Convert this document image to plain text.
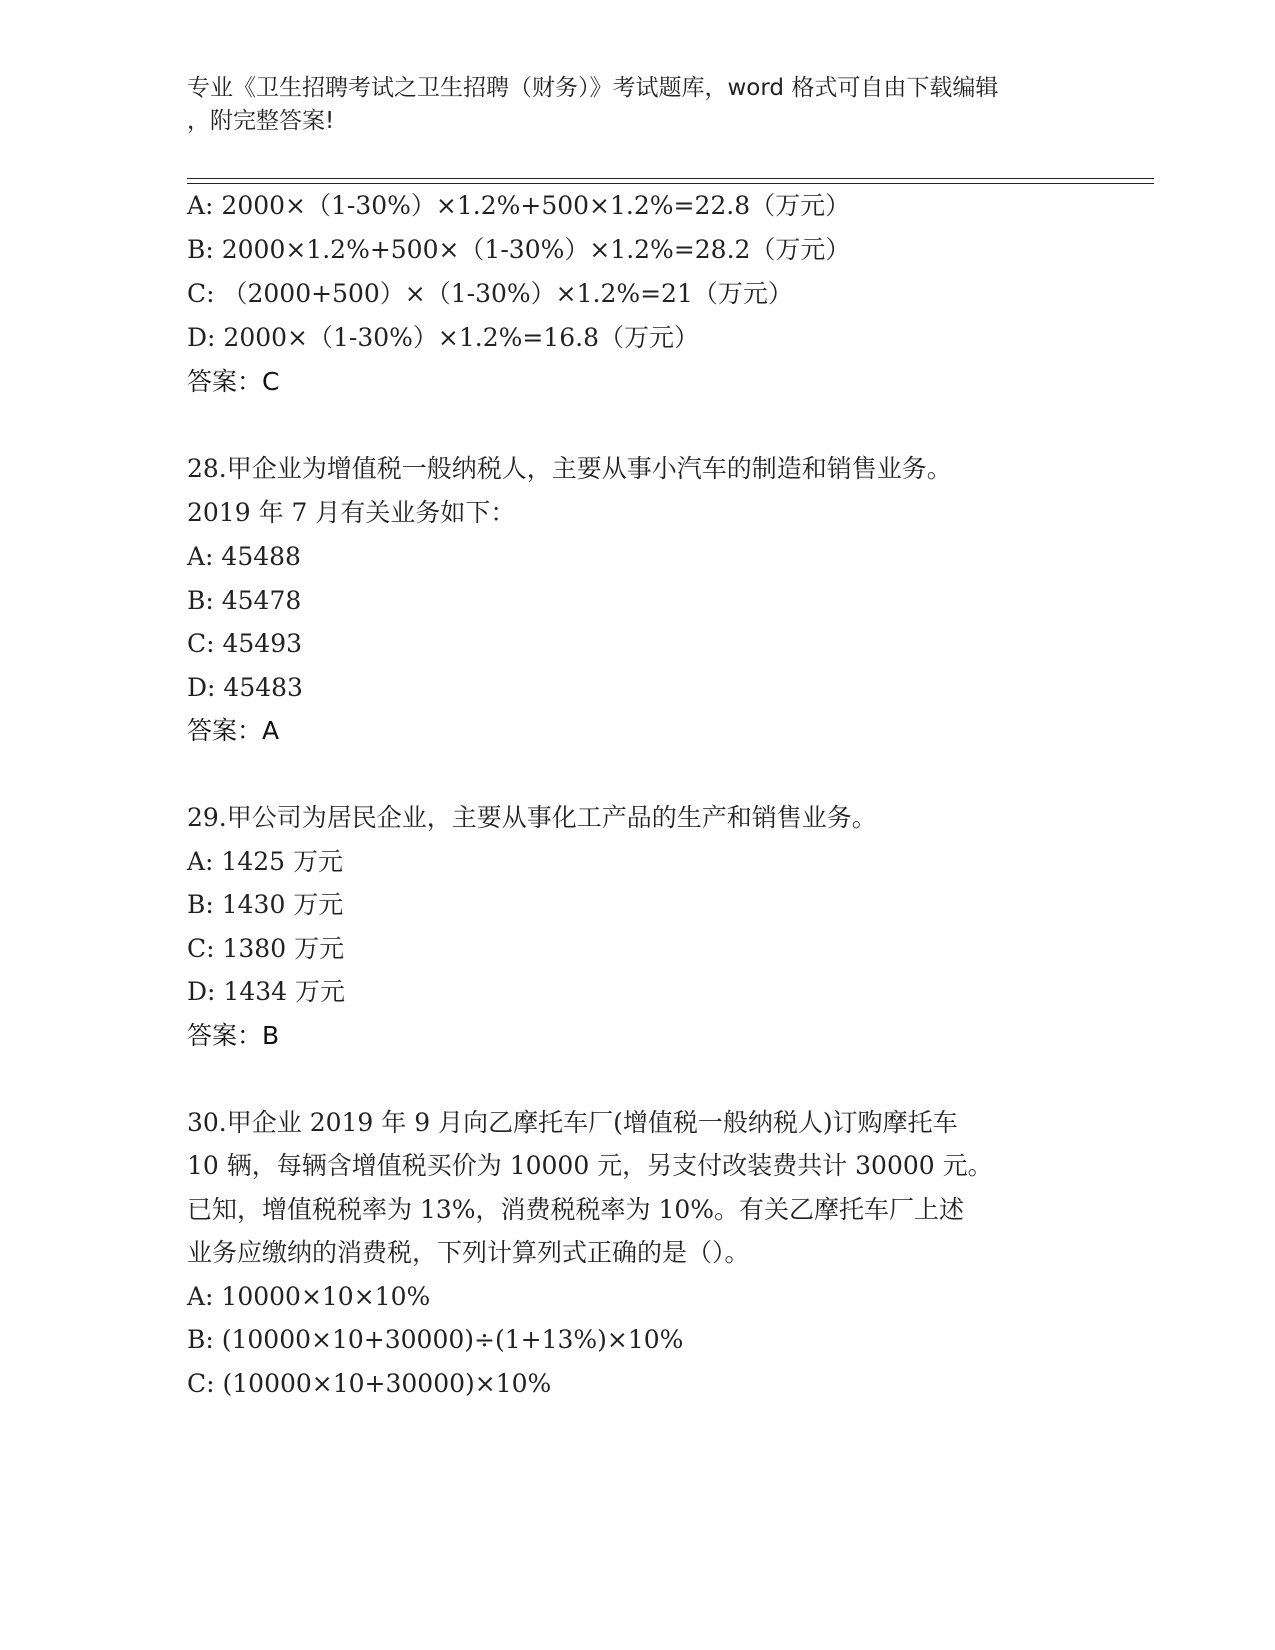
专业《卫生招聘考试之卫生招聘（财务）》考试题库，word 格式可自由下载编辑
，附完整答案!
A: 2000×（1-30%）×1.2%+500×1.2%=22.8（万元）
B: 2000×1.2%+500×（1-30%）×1.2%=28.2（万元）
C: （2000+500）×（1-30%）×1.2%=21（万元）
D: 2000×（1-30%）×1.2%=16.8（万元）
答案：C
28.甲企业为增值税一般纳税人，主要从事小汽车的制造和销售业务。
2019 年 7 月有关业务如下：
A: 45488
B: 45478
C: 45493
D: 45483
答案：A
29.甲公司为居民企业，主要从事化工产品的生产和销售业务。
A: 1425 万元
B: 1430 万元
C: 1380 万元
D: 1434 万元
答案：B
30.甲企业 2019 年 9 月向乙摩托车厂(增值税一般纳税人)订购摩托车
10 辆，每辆含增值税买价为 10000 元，另支付改装费共计 30000 元。
已知，增值税税率为 13%，消费税税率为 10%。有关乙摩托车厂上述
业务应缴纳的消费税，下列计算列式正确的是（）。
A: 10000×10×10%
B: (10000×10+30000)÷(1+13%)×10%
C: (10000×10+30000)×10%
